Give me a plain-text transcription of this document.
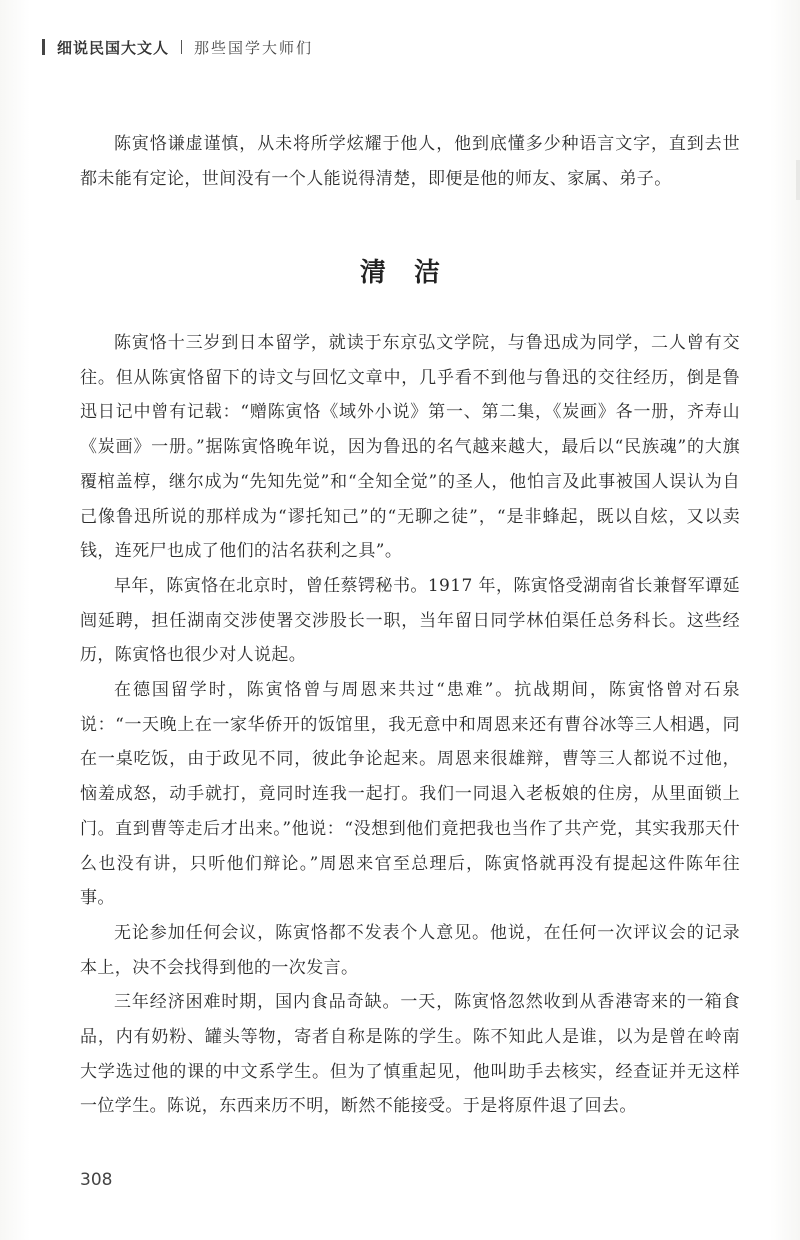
细说民国大文人 那些国学大师们

陈寅恪谦虚谨慎，从未将所学炫耀于他人，他到底懂多少种语言文字，直到去世都未能有定论，世间没有一个人能说得清楚，即便是他的师友、家属、弟子。

清洁

陈寅恪十三岁到日本留学，就读于东京弘文学院，与鲁迅成为同学，二人曾有交往。但从陈寅恪留下的诗文与回忆文章中，几乎看不到他与鲁迅的交往经历，倒是鲁迅日记中曾有记载：“赠陈寅恪《域外小说》第一、第二集，《炭画》各一册，齐寿山《炭画》一册。”据陈寅恪晚年说，因为鲁迅的名气越来越大，最后以“民族魂”的大旗覆棺盖椁，继尔成为“先知先觉”和“全知全觉”的圣人，他怕言及此事被国人误认为自己像鲁迅所说的那样成为“谬托知己”的“无聊之徒”，“是非蜂起，既以自炫，又以卖钱，连死尸也成了他们的沽名获利之具”。

早年，陈寅恪在北京时，曾任蔡锷秘书。1917 年，陈寅恪受湖南省长兼督军谭延闿延聘，担任湖南交涉使署交涉股长一职，当年留日同学林伯渠任总务科长。这些经历，陈寅恪也很少对人说起。

在德国留学时，陈寅恪曾与周恩来共过“患难”。抗战期间，陈寅恪曾对石泉说：“一天晚上在一家华侨开的饭馆里，我无意中和周恩来还有曹谷冰等三人相遇，同在一桌吃饭，由于政见不同，彼此争论起来。周恩来很雄辩，曹等三人都说不过他，恼羞成怒，动手就打，竟同时连我一起打。我们一同退入老板娘的住房，从里面锁上门。直到曹等走后才出来。”他说：“没想到他们竟把我也当作了共产党，其实我那天什么也没有讲，只听他们辩论。”周恩来官至总理后，陈寅恪就再没有提起这件陈年往事。

无论参加任何会议，陈寅恪都不发表个人意见。他说，在任何一次评议会的记录本上，决不会找得到他的一次发言。

三年经济困难时期，国内食品奇缺。一天，陈寅恪忽然收到从香港寄来的一箱食品，内有奶粉、罐头等物，寄者自称是陈的学生。陈不知此人是谁，以为是曾在岭南大学选过他的课的中文系学生。但为了慎重起见，他叫助手去核实，经查证并无这样一位学生。陈说，东西来历不明，断然不能接受。于是将原件退了回去。

308
